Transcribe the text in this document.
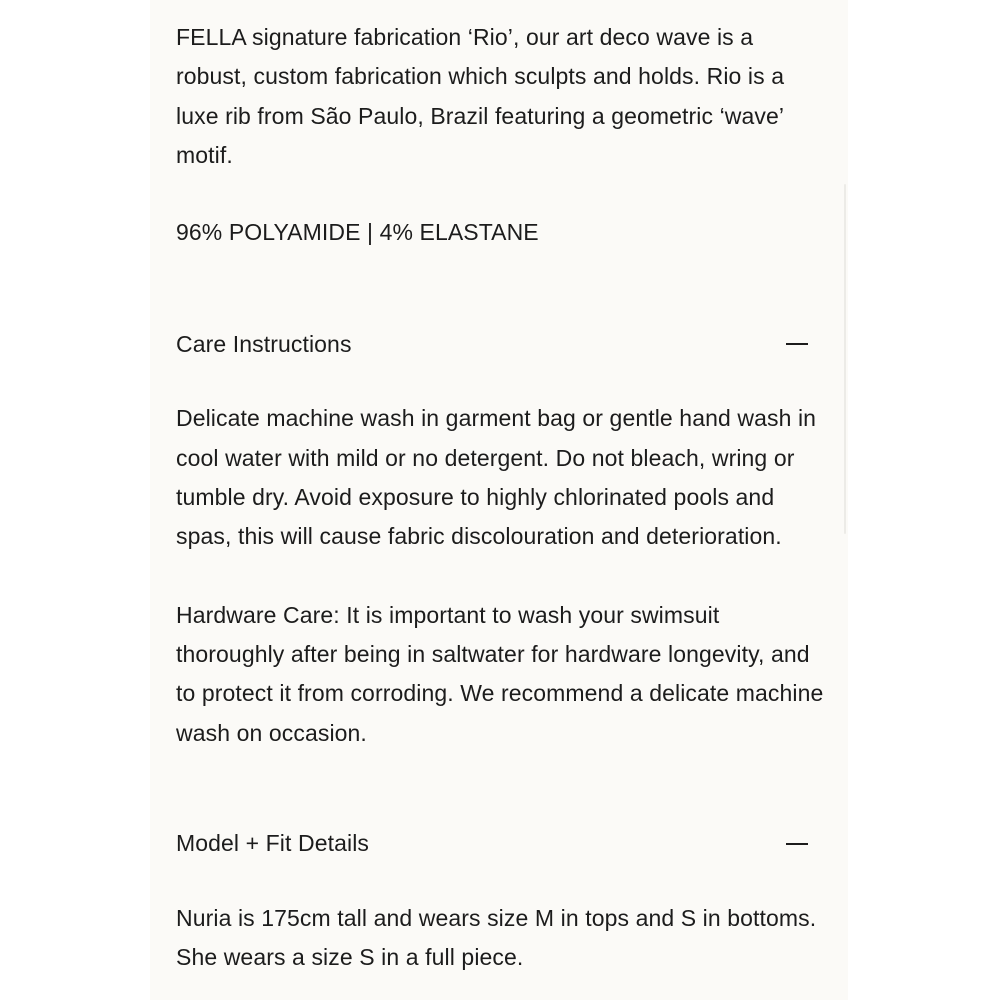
FELLA signature fabrication ‘Rio’, our art deco wave is a robust, custom fabrication which sculpts and holds. Rio is a luxe rib from São Paulo, Brazil featuring a geometric ‘wave’ motif.

96% POLYAMIDE | 4% ELASTANE

Care Instructions

Delicate machine wash in garment bag or gentle hand wash in cool water with mild or no detergent. Do not bleach, wring or tumble dry. Avoid exposure to highly chlorinated pools and spas, this will cause fabric discolouration and deterioration.

Hardware Care: It is important to wash your swimsuit thoroughly after being in saltwater for hardware longevity, and to protect it from corroding. We recommend a delicate machine wash on occasion.

Model + Fit Details

Nuria is 175cm tall and wears size M in tops and S in bottoms. She wears a size S in a full piece.
